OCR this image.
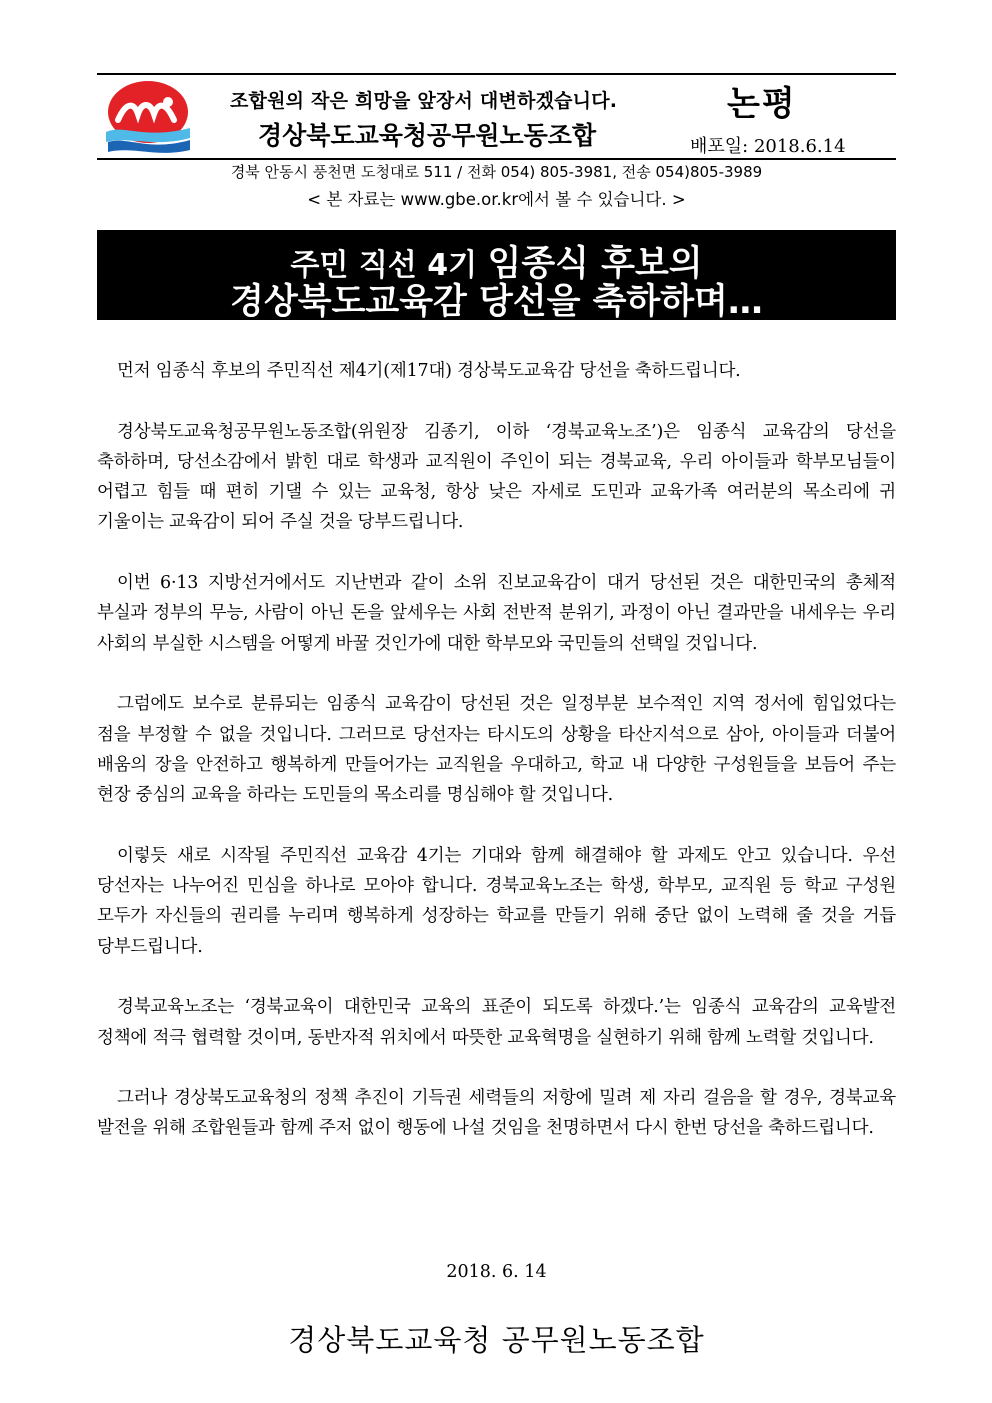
조합원의 작은 희망을 앞장서 대변하겠습니다.
경상북도교육청공무원노동조합
논평
배포일: 2018.6.14
경북 안동시 풍천면 도청대로 511 / 전화 054) 805-3981, 전송 054)805-3989
< 본 자료는 www.gbe.or.kr에서 볼 수 있습니다. >
주민 직선 4기 임종식 후보의
경상북도교육감 당선을 축하하며…

먼저 임종식 후보의 주민직선 제4기(제17대) 경상북도교육감 당선을 축하드립니다.

경상북도교육청공무원노동조합(위원장 김종기, 이하 ‘경북교육노조’)은 임종식 교육감의 당선을 축하하며, 당선소감에서 밝힌 대로 학생과 교직원이 주인이 되는 경북교육, 우리 아이들과 학부모님들이 어렵고 힘들 때 편히 기댈 수 있는 교육청, 항상 낮은 자세로 도민과 교육가족 여러분의 목소리에 귀 기울이는 교육감이 되어 주실 것을 당부드립니다.

이번 6·13 지방선거에서도 지난번과 같이 소위 진보교육감이 대거 당선된 것은 대한민국의 총체적 부실과 정부의 무능, 사람이 아닌 돈을 앞세우는 사회 전반적 분위기, 과정이 아닌 결과만을 내세우는 우리 사회의 부실한 시스템을 어떻게 바꿀 것인가에 대한 학부모와 국민들의 선택일 것입니다.

그럼에도 보수로 분류되는 임종식 교육감이 당선된 것은 일정부분 보수적인 지역 정서에 힘입었다는 점을 부정할 수 없을 것입니다. 그러므로 당선자는 타시도의 상황을 타산지석으로 삼아, 아이들과 더불어 배움의 장을 안전하고 행복하게 만들어가는 교직원을 우대하고, 학교 내 다양한 구성원들을 보듬어 주는 현장 중심의 교육을 하라는 도민들의 목소리를 명심해야 할 것입니다.

이렇듯 새로 시작될 주민직선 교육감 4기는 기대와 함께 해결해야 할 과제도 안고 있습니다. 우선 당선자는 나누어진 민심을 하나로 모아야 합니다. 경북교육노조는 학생, 학부모, 교직원 등 학교 구성원 모두가 자신들의 권리를 누리며 행복하게 성장하는 학교를 만들기 위해 중단 없이 노력해 줄 것을 거듭 당부드립니다.

경북교육노조는 ‘경북교육이 대한민국 교육의 표준이 되도록 하겠다.’는 임종식 교육감의 교육발전 정책에 적극 협력할 것이며, 동반자적 위치에서 따뜻한 교육혁명을 실현하기 위해 함께 노력할 것입니다.

그러나 경상북도교육청의 정책 추진이 기득권 세력들의 저항에 밀려 제 자리 걸음을 할 경우, 경북교육 발전을 위해 조합원들과 함께 주저 없이 행동에 나설 것임을 천명하면서 다시 한번 당선을 축하드립니다.

2018. 6. 14
경상북도교육청 공무원노동조합
